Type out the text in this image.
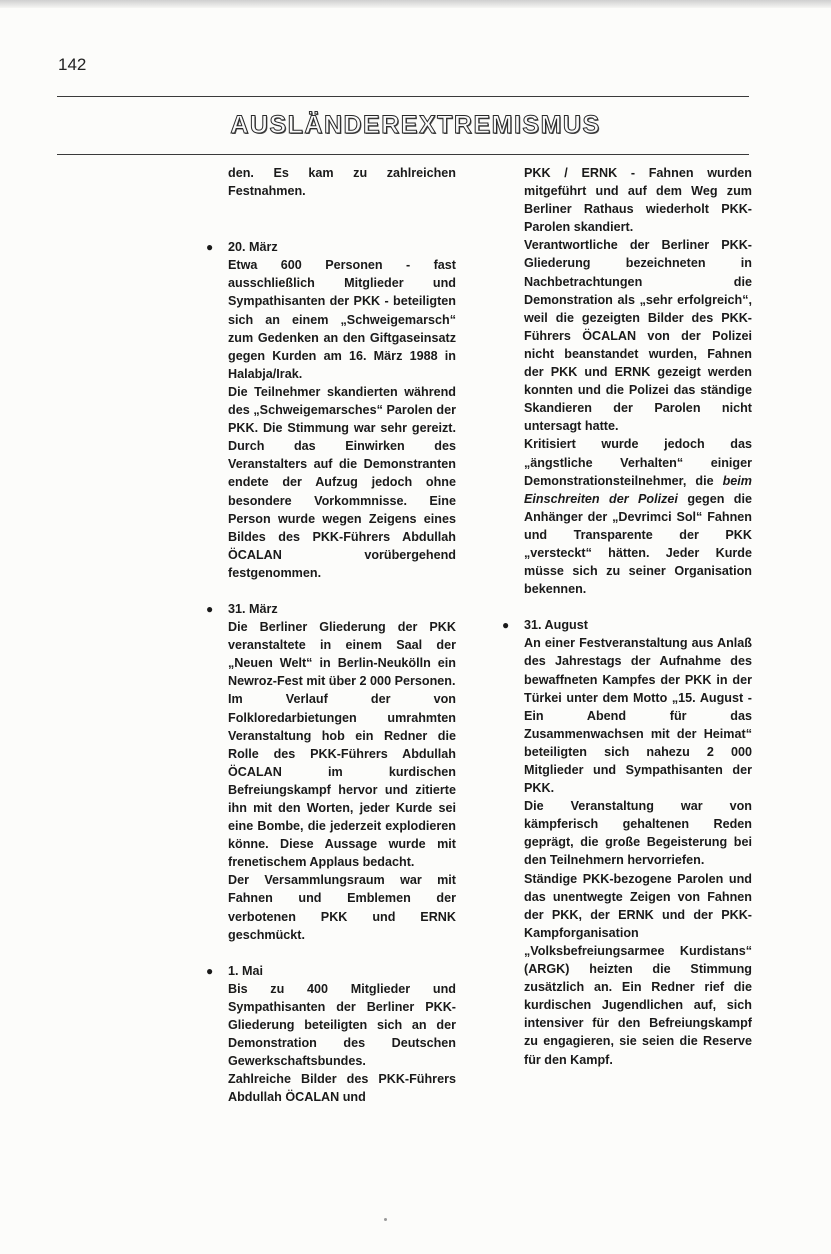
142
AUSLÄNDEREXTREMISMUS

den. Es kam zu zahlreichen Festnahmen.

● 20. März

Etwa 600 Personen - fast ausschließlich Mitglieder und Sympathisanten der PKK - beteiligten sich an einem „Schweigemarsch“ zum Gedenken an den Giftgaseinsatz gegen Kurden am 16. März 1988 in Halabja/Irak.

Die Teilnehmer skandierten während des „Schweigemarsches“ Parolen der PKK. Die Stimmung war sehr gereizt. Durch das Einwirken des Veranstalters auf die Demonstranten endete der Aufzug jedoch ohne besondere Vorkommnisse. Eine Person wurde wegen Zeigens eines Bildes des PKK-Führers Abdullah ÖCALAN vorübergehend festgenommen.

● 31. März

Die Berliner Gliederung der PKK veranstaltete in einem Saal der „Neuen Welt“ in Berlin-Neukölln ein Newroz-Fest mit über 2 000 Personen.

Im Verlauf der von Folkloredarbietungen umrahmten Veranstaltung hob ein Redner die Rolle des PKK-Führers Abdullah ÖCALAN im kurdischen Befreiungskampf hervor und zitierte ihn mit den Worten, jeder Kurde sei eine Bombe, die jederzeit explodieren könne. Diese Aussage wurde mit frenetischem Applaus bedacht.

Der Versammlungsraum war mit Fahnen und Emblemen der verbotenen PKK und ERNK geschmückt.

● 1. Mai

Bis zu 400 Mitglieder und Sympathisanten der Berliner PKK-Gliederung beteiligten sich an der Demonstration des Deutschen Gewerkschaftsbundes.

Zahlreiche Bilder des PKK-Führers Abdullah ÖCALAN und

PKK / ERNK - Fahnen wurden mitgeführt und auf dem Weg zum Berliner Rathaus wiederholt PKK-Parolen skandiert.

Verantwortliche der Berliner PKK-Gliederung bezeichneten in Nachbetrachtungen die Demonstration als „sehr erfolgreich“, weil die gezeigten Bilder des PKK-Führers ÖCALAN von der Polizei nicht beanstandet wurden, Fahnen der PKK und ERNK gezeigt werden konnten und die Polizei das ständige Skandieren der Parolen nicht untersagt hatte.

Kritisiert wurde jedoch das „ängstliche Verhalten“ einiger Demonstrationsteilnehmer, die beim Einschreiten der Polizei gegen die Anhänger der „Devrimci Sol“ Fahnen und Transparente der PKK „versteckt“ hätten. Jeder Kurde müsse sich zu seiner Organisation bekennen.

● 31. August

An einer Festveranstaltung aus Anlaß des Jahrestags der Aufnahme des bewaffneten Kampfes der PKK in der Türkei unter dem Motto „15. August - Ein Abend für das Zusammenwachsen mit der Heimat“ beteiligten sich nahezu 2 000 Mitglieder und Sympathisanten der PKK.

Die Veranstaltung war von kämpferisch gehaltenen Reden geprägt, die große Begeisterung bei den Teilnehmern hervorriefen.

Ständige PKK-bezogene Parolen und das unentwegte Zeigen von Fahnen der PKK, der ERNK und der PKK-Kampforganisation „Volksbefreiungsarmee Kurdistans“ (ARGK) heizten die Stimmung zusätzlich an. Ein Redner rief die kurdischen Jugendlichen auf, sich intensiver für den Befreiungskampf zu engagieren, sie seien die Reserve für den Kampf.
